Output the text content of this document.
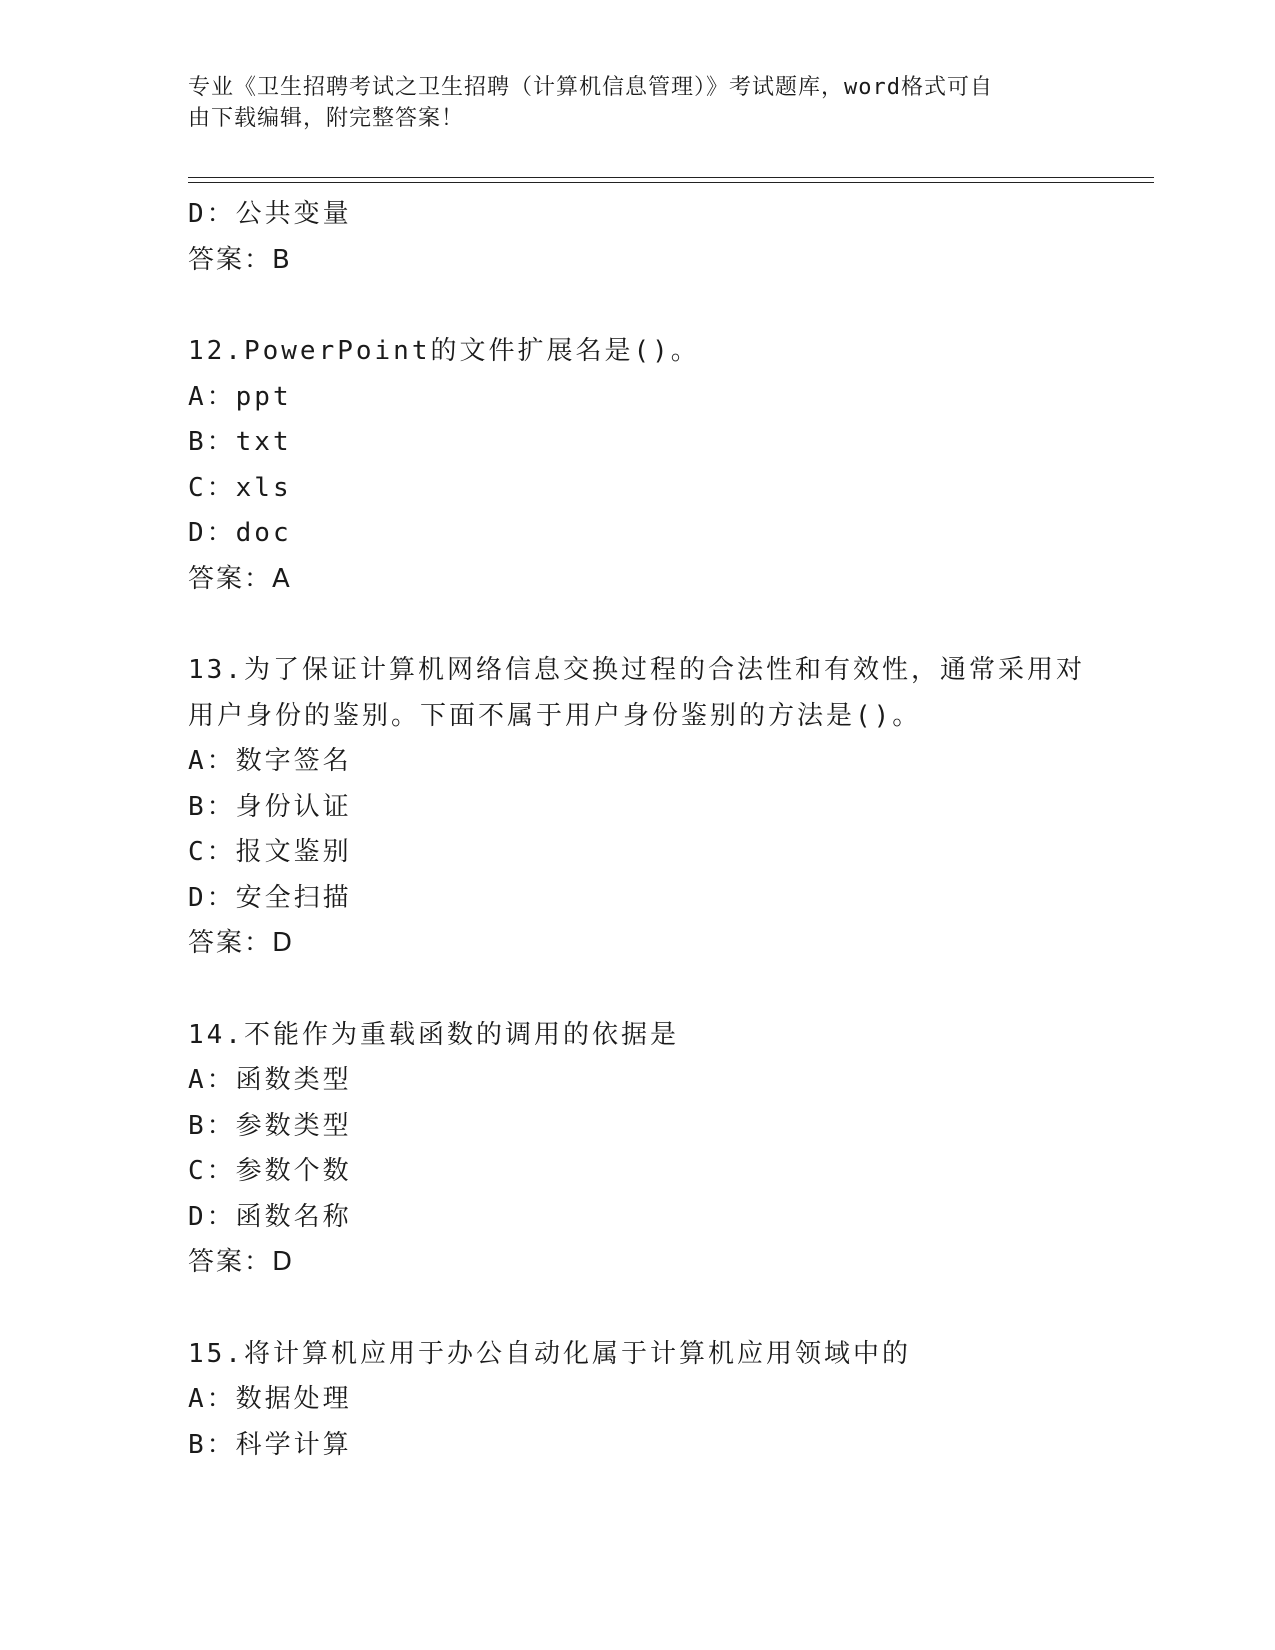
专业《卫生招聘考试之卫生招聘（计算机信息管理）》考试题库，word格式可自
由下载编辑，附完整答案！
D：公共变量
答案：B
12.PowerPoint的文件扩展名是()。
A：ppt
B：txt
C：xls
D：doc
答案：A
13.为了保证计算机网络信息交换过程的合法性和有效性，通常采用对
用户身份的鉴别。下面不属于用户身份鉴别的方法是()。
A：数字签名
B：身份认证
C：报文鉴别
D：安全扫描
答案：D
14.不能作为重载函数的调用的依据是
A：函数类型
B：参数类型
C：参数个数
D：函数名称
答案：D
15.将计算机应用于办公自动化属于计算机应用领域中的
A：数据处理
B：科学计算
